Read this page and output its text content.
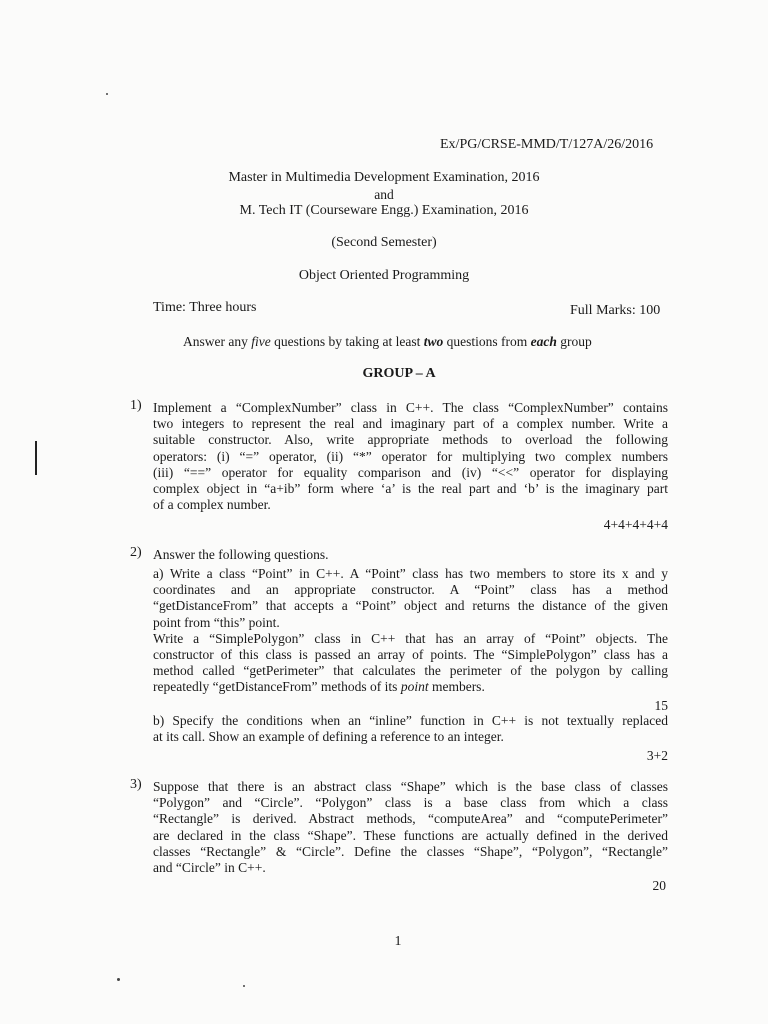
Ex/PG/CRSE-MMD/T/127A/26/2016
Master in Multimedia Development Examination, 2016
and
M. Tech IT (Courseware Engg.) Examination, 2016
(Second Semester)
Object Oriented Programming
Time: Three hours	Full Marks: 100
Answer any five questions by taking at least two questions from each group
GROUP – A
1) Implement a “ComplexNumber” class in C++. The class “ComplexNumber” contains
two integers to represent the real and imaginary part of a complex number. Write a
suitable constructor. Also, write appropriate methods to overload the following
operators: (i) “=” operator, (ii) “*” operator for multiplying two complex numbers
(iii) “==” operator for equality comparison and (iv) “<<” operator for displaying
complex object in “a+ib” form where ‘a’ is the real part and ‘b’ is the imaginary part
of a complex number.
4+4+4+4+4
2) Answer the following questions.
a) Write a class “Point” in C++. A “Point” class has two members to store its x and y
coordinates and an appropriate constructor. A “Point” class has a method
“getDistanceFrom” that accepts a “Point” object and returns the distance of the given
point from “this” point.
Write a “SimplePolygon” class in C++ that has an array of “Point” objects. The
constructor of this class is passed an array of points. The “SimplePolygon” class has a
method called “getPerimeter” that calculates the perimeter of the polygon by calling
repeatedly “getDistanceFrom” methods of its point members.
15
b) Specify the conditions when an “inline” function in C++ is not textually replaced
at its call. Show an example of defining a reference to an integer.
3+2
3) Suppose that there is an abstract class “Shape” which is the base class of classes
“Polygon” and “Circle”. “Polygon” class is a base class from which a class
“Rectangle” is derived. Abstract methods, “computeArea” and “computePerimeter”
are declared in the class “Shape”. These functions are actually defined in the derived
classes “Rectangle” & “Circle”. Define the classes “Shape”, “Polygon”, “Rectangle”
and “Circle” in C++.
20
1
